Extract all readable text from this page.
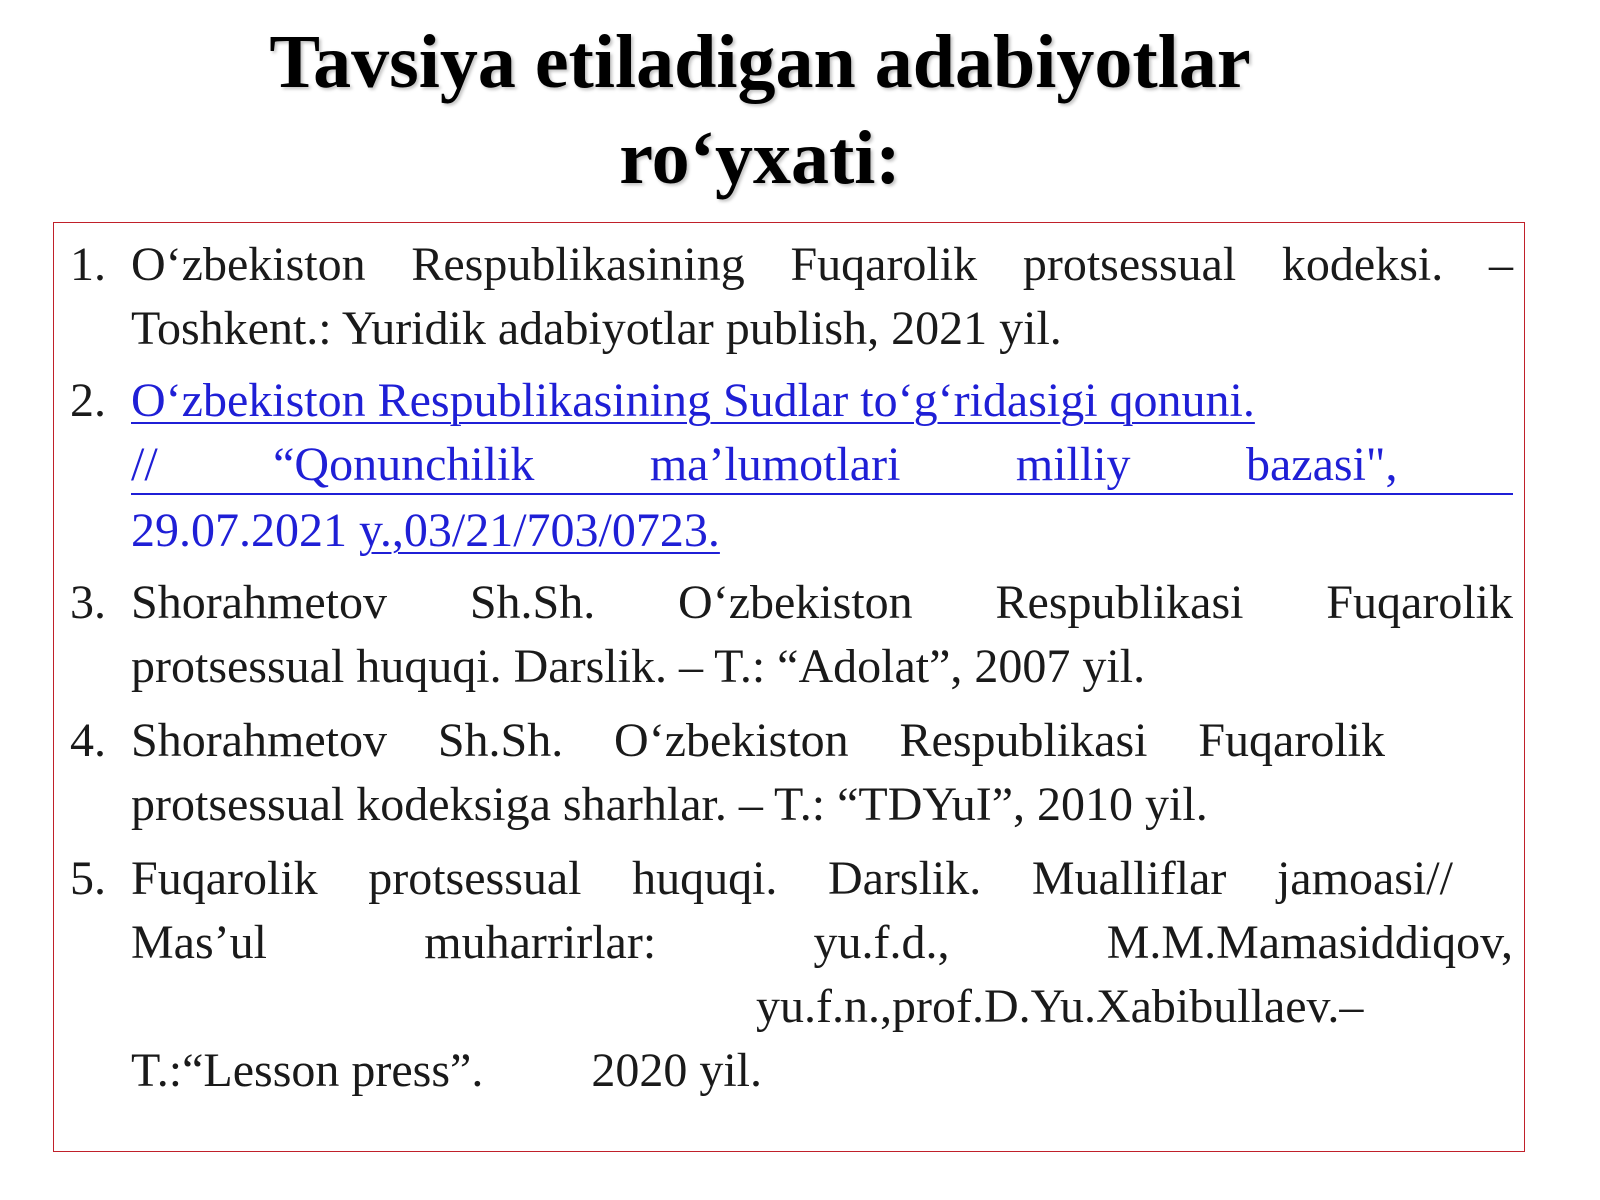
Tavsiya etiladigan adabiyotlar
ro‘yxati:
1. O‘zbekiston Respublikasining Fuqarolik protsessual kodeksi. –
Toshkent.: Yuridik adabiyotlar publish, 2021 yil.
2. O‘zbekiston Respublikasining Sudlar to‘g‘ridasigi qonuni.
// “Qonunchilik ma’lumotlari milliy bazasi",
29.07.2021 y.,03/21/703/0723.
3. Shorahmetov Sh.Sh. O‘zbekiston Respublikasi Fuqarolik
protsessual huquqi. Darslik. – T.: “Adolat”, 2007 yil.
4. Shorahmetov Sh.Sh. O‘zbekiston Respublikasi Fuqarolik
protsessual kodeksiga sharhlar. – T.: “TDYuI”, 2010 yil.
5. Fuqarolik protsessual huquqi. Darslik. Mualliflar jamoasi//
Mas’ul	muharrirlar:	yu.f.d.,	M.M.Mamasiddiqov,
yu.f.n.,prof.D.Yu.Xabibullaev.–
T.:“Lesson press”. 2020 yil.
